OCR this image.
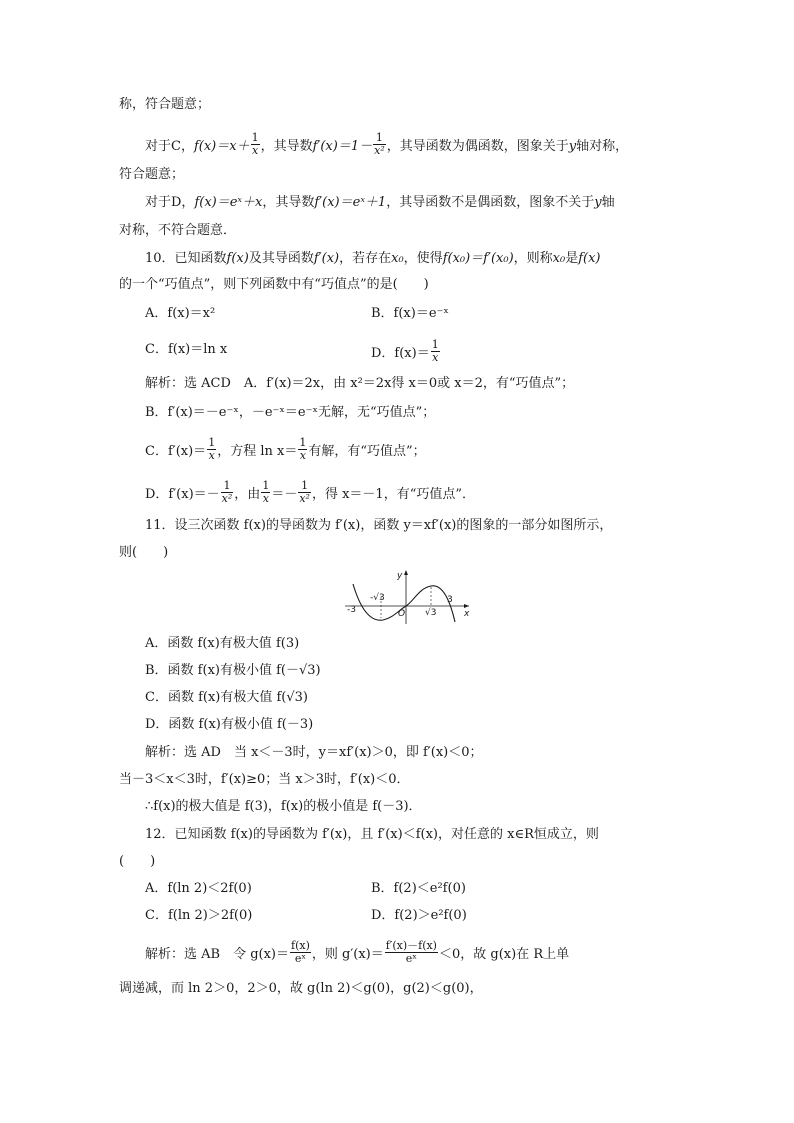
称，符合题意；
对于C，$f(x)=x+ \frac{1}{x}$ ，其导数$f'(x)=1- \frac{1}{\text{x²}}$ ，其导函数为偶函数，图象关于y轴对称，
符合题意；
对于D，f(x)＝eˣ＋x，其导数f′(x)＝eˣ＋1，其导函数不是偶函数，图象不关于y轴
对称，不符合题意．
10．已知函数f(x)及其导函数f′(x)，若存在x₀，使得f(x₀)＝f′(x₀)，则称x₀是f(x)
的一个“巧值点”，则下列函数中有“巧值点”的是(　　)
A．f(x)＝x²	B．f(x)＝e⁻ˣ
C．f(x)＝ln x	D．$f(x)= \frac{1}{x}$
解析：选 ACD　A．f′(x)＝2x，由 x²＝2x得 x＝0或 x＝2，有“巧值点”；
B．f′(x)＝－e⁻ˣ，－e⁻ˣ＝e⁻ˣ无解，无“巧值点”；
C．$f'(x)= \frac{1}{x}$ ，方程 $\ln x= \frac{1}{x}$ 有解，有“巧值点”；
D．$f'(x)=- \frac{1}{\text{x²}}$ ，由 $\frac{1}{x} =- \frac{1}{\text{x²}}$ ，得 x＝－1，有“巧值点”．
11．设三次函数 f(x)的导函数为 f′(x)，函数 y＝xf′(x)的图象的一部分如图所示，
则(　　)
-3
-√3
O √3
3
y
x
A．函数 f(x)有极大值 f(3)
B．函数 f(x)有极小值 f(－√3)
C．函数 f(x)有极大值 f(√3)
D．函数 f(x)有极小值 f(－3)
解析：选 AD　当 x＜－3时，y＝xf′(x)＞0，即 f′(x)＜0；
当－3＜x＜3时，f′(x)≥0；当 x＞3时，f′(x)＜0．
∴f(x)的极大值是 f(3)，f(x)的极小值是 f(－3)．
12．已知函数 f(x)的导函数为 f′(x)，且 f′(x)＜f(x)，对任意的 x∈R恒成立，则
(　　)
A．f(ln 2)＜2f(0)	B．f(2)＜e²f(0)
C．f(ln 2)＞2f(0)	D．f(2)＞e²f(0)
解析：选 AB　令 $g(x)= \frac{f(x)}{\text{eˣ}}$ ，则 $g'(x)= \frac{f'(x)-f(x)}{\text{eˣ}} <0$，故 g(x)在 R上单
调递减，而 ln 2＞0，2＞0，故 g(ln 2)＜g(0)，g(2)＜g(0)，
